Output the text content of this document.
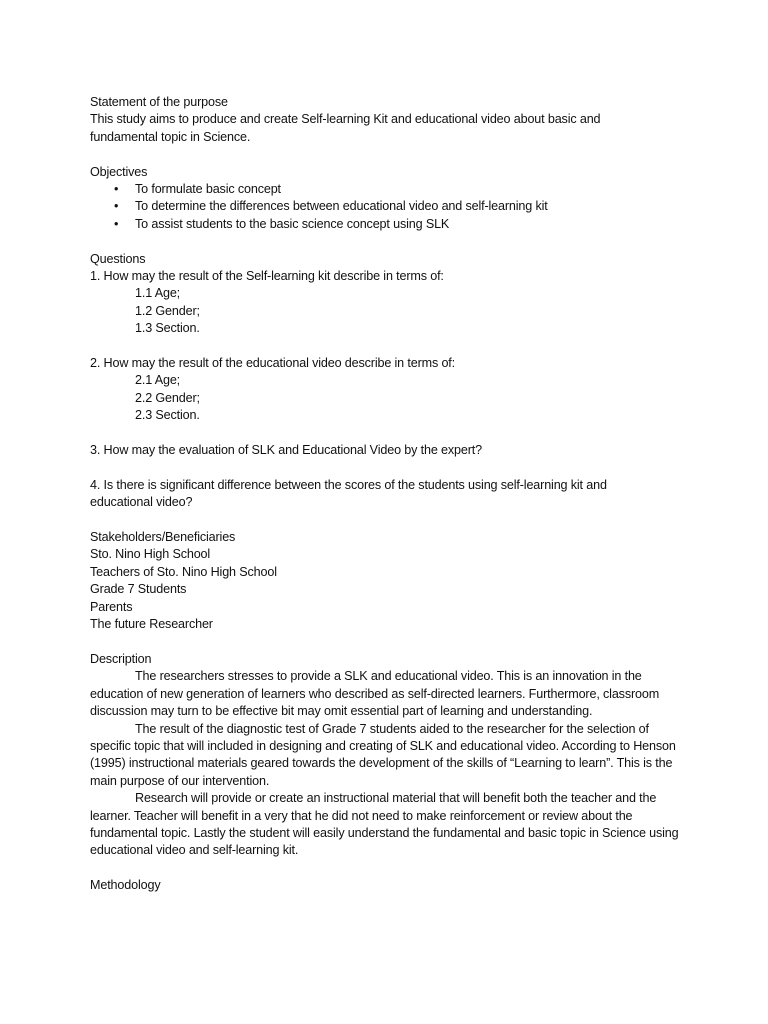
Statement of the purpose

This study aims to produce and create Self-learning Kit and educational video about basic and fundamental topic in Science.

Objectives

• To formulate basic concept
• To determine the differences between educational video and self-learning kit
• To assist students to the basic science concept using SLK

Questions

1. How may the result of the Self-learning kit describe in terms of:

1.1 Age;

1.2 Gender;

1.3 Section.

2. How may the result of the educational video describe in terms of:

2.1 Age;

2.2 Gender;

2.3 Section.

3. How may the evaluation of SLK and Educational Video by the expert?

4. Is there is significant difference between the scores of the students using self-learning kit and educational video?

Stakeholders/Beneficiaries

Sto. Nino High School

Teachers of Sto. Nino High School

Grade 7 Students

Parents

The future Researcher

Description

The researchers stresses to provide a SLK and educational video. This is an innovation in the education of new generation of learners who described as self-directed learners. Furthermore, classroom discussion may turn to be effective bit may omit essential part of learning and understanding.

The result of the diagnostic test of Grade 7 students aided to the researcher for the selection of specific topic that will included in designing and creating of SLK and educational video. According to Henson (1995) instructional materials geared towards the development of the skills of “Learning to learn”. This is the main purpose of our intervention.

Research will provide or create an instructional material that will benefit both the teacher and the learner. Teacher will benefit in a very that he did not need to make reinforcement or review about the fundamental topic. Lastly the student will easily understand the fundamental and basic topic in Science using educational video and self-learning kit.

Methodology
